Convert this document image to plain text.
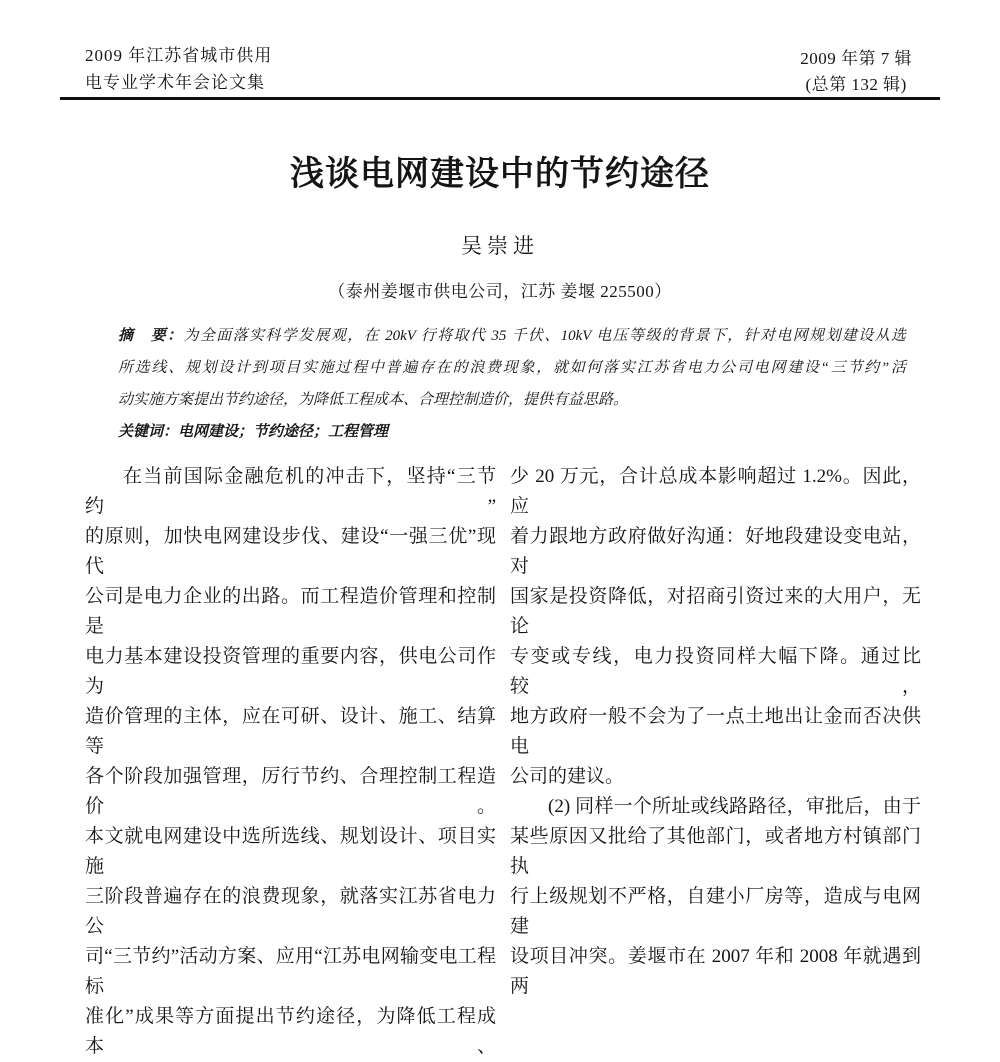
2009 年江苏省城市供用
电专业学术年会论文集
2009 年第 7 辑
(总第 132 辑)
浅谈电网建设中的节约途径
吴崇进
（泰州姜堰市供电公司，江苏 姜堰 225500）
摘　要：为全面落实科学发展观，在 20kV 行将取代 35 千伏、10kV 电压等级的背景下，针对电网规划建设从选
所选线、规划设计到项目实施过程中普遍存在的浪费现象，就如何落实江苏省电力公司电网建设“三节约”活
动实施方案提出节约途径，为降低工程成本、合理控制造价，提供有益思路。
关键词：电网建设；节约途径；工程管理
在当前国际金融危机的冲击下，坚持“三节约”
的原则，加快电网建设步伐、建设“一强三优”现代
公司是电力企业的出路。而工程造价管理和控制是
电力基本建设投资管理的重要内容，供电公司作为
造价管理的主体，应在可研、设计、施工、结算等
各个阶段加强管理，厉行节约、合理控制工程造价。
本文就电网建设中选所选线、规划设计、项目实施
三阶段普遍存在的浪费现象，就落实江苏省电力公
司“三节约”活动方案、应用“江苏电网输变电工程标
准化”成果等方面提出节约途径，为降低工程成本、
少 20 万元，合计总成本影响超过 1.2%。因此，应
着力跟地方政府做好沟通：好地段建设变电站，对
国家是投资降低，对招商引资过来的大用户，无论
专变或专线，电力投资同样大幅下降。通过比较，
地方政府一般不会为了一点土地出让金而否决供电
公司的建议。
(2) 同样一个所址或线路路径，审批后，由于
某些原因又批给了其他部门，或者地方村镇部门执
行上级规划不严格，自建小厂房等，造成与电网建
设项目冲突。姜堰市在 2007 年和 2008 年就遇到两
